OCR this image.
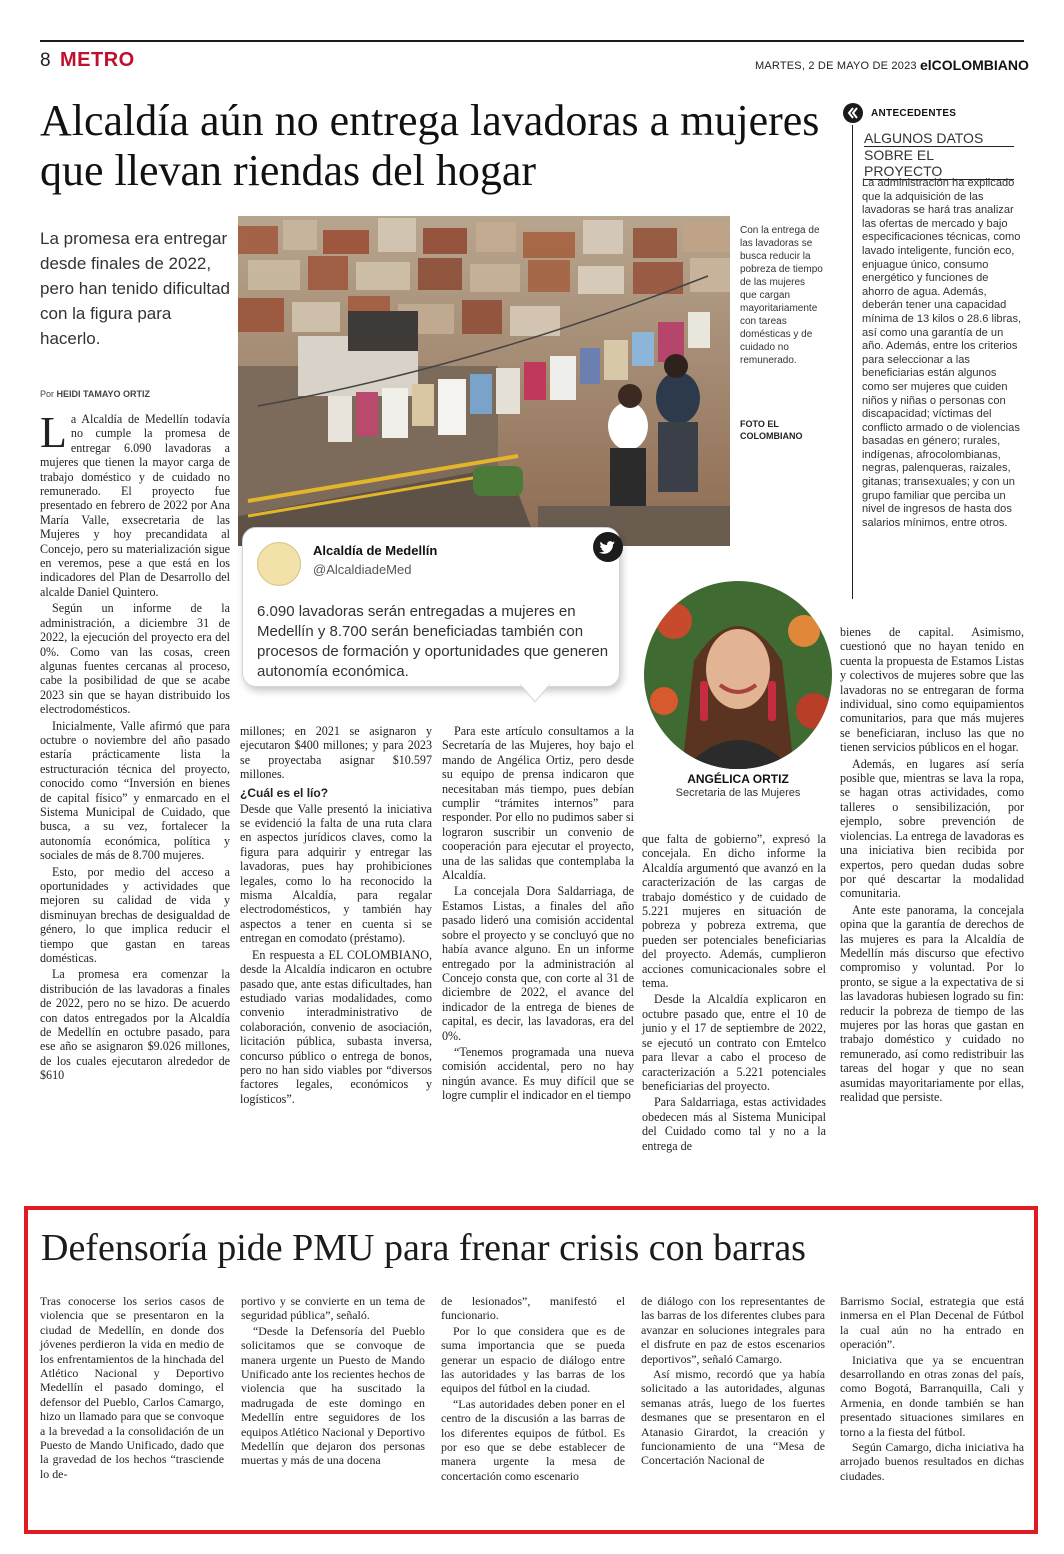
8 METRO	MARTES, 2 DE MAYO DE 2023 elCOLOMBIANO
Alcaldía aún no entrega lavadoras a mujeres que llevan riendas del hogar
La promesa era entregar desde finales de 2022, pero han tenido dificultad con la figura para hacerlo.
Por HEIDI TAMAYO ORTIZ

La Alcaldía de Medellín todavía no cumple la promesa de entregar 6.090 lavadoras a mujeres que tienen la mayor carga de trabajo doméstico y de cuidado no remunerado. El proyecto fue presentado en febrero de 2022 por Ana María Valle, exsecretaria de las Mujeres y hoy precandidata al Concejo, pero su materialización sigue en veremos, pese a que está en los indicadores del Plan de Desarrollo del alcalde Daniel Quintero.

Según un informe de la administración, a diciembre 31 de 2022, la ejecución del proyecto era del 0%. Como van las cosas, creen algunas fuentes cercanas al proceso, cabe la posibilidad de que se acabe 2023 sin que se hayan distribuido los electrodomésticos.

Inicialmente, Valle afirmó que para octubre o noviembre del año pasado estaría prácticamente lista la estructuración técnica del proyecto, conocido como “Inversión en bienes de capital físico” y enmarcado en el Sistema Municipal de Cuidado, que busca, a su vez, fortalecer la autonomía económica, política y sociales de más de 8.700 mujeres.

Esto, por medio del acceso a oportunidades y actividades que mejoren su calidad de vida y disminuyan brechas de desigualdad de género, lo que implica reducir el tiempo que gastan en tareas domésticas.

La promesa era comenzar la distribución de las lavadoras a finales de 2022, pero no se hizo. De acuerdo con datos entregados por la Alcaldía de Medellín en octubre pasado, para ese año se asignaron $9.026 millones, de los cuales ejecutaron alrededor de $610

Con la entrega de las lavadoras se busca reducir la pobreza de tiempo de las mujeres que cargan mayoritariamente con tareas domésticas y de cuidado no remunerado.
FOTO EL COLOMBIANO
Alcaldía de Medellín
@AlcaldiadeMed
6.090 lavadoras serán entregadas a mujeres en Medellín y 8.700 serán beneficiadas también con procesos de formación y oportunidades que generen autonomía económica.
ANGÉLICA ORTIZ
Secretaria de las Mujeres

millones; en 2021 se asignaron y ejecutaron $400 millones; y para 2023 se proyectaba asignar $10.597 millones.

¿Cuál es el lío?

Desde que Valle presentó la iniciativa se evidenció la falta de una ruta clara en aspectos jurídicos claves, como la figura para adquirir y entregar las lavadoras, pues hay prohibiciones legales, como lo ha reconocido la misma Alcaldía, para regalar electrodomésticos, y también hay aspectos a tener en cuenta si se entregan en comodato (préstamo).

En respuesta a EL COLOMBIANO, desde la Alcaldía indicaron en octubre pasado que, ante estas dificultades, han estudiado varias modalidades, como convenio interadministrativo de colaboración, convenio de asociación, licitación pública, subasta inversa, concurso público o entrega de bonos, pero no han sido viables por “diversos factores legales, económicos y logísticos”.

Para este artículo consultamos a la Secretaría de las Mujeres, hoy bajo el mando de Angélica Ortiz, pero desde su equipo de prensa indicaron que necesitaban más tiempo, pues debían cumplir “trámites internos” para responder. Por ello no pudimos saber si lograron suscribir un convenio de cooperación para ejecutar el proyecto, una de las salidas que contemplaba la Alcaldía.

La concejala Dora Saldarriaga, de Estamos Listas, a finales del año pasado lideró una comisión accidental sobre el proyecto y se concluyó que no había avance alguno. En un informe entregado por la administración al Concejo consta que, con corte al 31 de diciembre de 2022, el avance del indicador de la entrega de bienes de capital, es decir, las lavadoras, era del 0%.

“Tenemos programada una nueva comisión accidental, pero no hay ningún avance. Es muy difícil que se logre cumplir el indicador en el tiempo

que falta de gobierno”, expresó la concejala. En dicho informe la Alcaldía argumentó que avanzó en la caracterización de las cargas de trabajo doméstico y de cuidado de 5.221 mujeres en situación de pobreza y pobreza extrema, que pueden ser potenciales beneficiarias del proyecto. Además, cumplieron acciones comunicacionales sobre el tema.

Desde la Alcaldía explicaron en octubre pasado que, entre el 10 de junio y el 17 de septiembre de 2022, se ejecutó un contrato con Emtelco para llevar a cabo el proceso de caracterización a 5.221 potenciales beneficiarias del proyecto.

Para Saldarriaga, estas actividades obedecen más al Sistema Municipal del Cuidado como tal y no a la entrega de

bienes de capital. Asimismo, cuestionó que no hayan tenido en cuenta la propuesta de Estamos Listas y colectivos de mujeres sobre que las lavadoras no se entregaran de forma individual, sino como equipamientos comunitarios, para que más mujeres se beneficiaran, incluso las que no tienen servicios públicos en el hogar.

Además, en lugares así sería posible que, mientras se lava la ropa, se hagan otras actividades, como talleres o sensibilización, por ejemplo, sobre prevención de violencias. La entrega de lavadoras es una iniciativa bien recibida por expertos, pero quedan dudas sobre por qué descartar la modalidad comunitaria.

Ante este panorama, la concejala opina que la garantía de derechos de las mujeres es para la Alcaldía de Medellín más discurso que efectivo compromiso y voluntad. Por lo pronto, se sigue a la expectativa de si las lavadoras hubiesen logrado su fin: reducir la pobreza de tiempo de las mujeres por las horas que gastan en trabajo doméstico y cuidado no remunerado, así como redistribuir las tareas del hogar y que no sean asumidas mayoritariamente por ellas, realidad que persiste.

ANTECEDENTES
ALGUNOS DATOS
SOBRE EL PROYECTO
La administración ha explicado que la adquisición de las lavadoras se hará tras analizar las ofertas de mercado y bajo especificaciones técnicas, como lavado inteligente, función eco, enjuague único, consumo energético y funciones de ahorro de agua. Además, deberán tener una capacidad mínima de 13 kilos o 28.6 libras, así como una garantía de un año. Además, entre los criterios para seleccionar a las beneficiarias están algunos como ser mujeres que cuiden niños y niñas o personas con discapacidad; víctimas del conflicto armado o de violencias basadas en género; rurales, indígenas, afrocolombianas, negras, palenqueras, raizales, gitanas; transexuales; y con un grupo familiar que perciba un nivel de ingresos de hasta dos salarios mínimos, entre otros.
Defensoría pide PMU para frenar crisis con barras

Tras conocerse los serios casos de violencia que se presentaron en la ciudad de Medellín, en donde dos jóvenes perdieron la vida en medio de los enfrentamientos de la hinchada del Atlético Nacional y Deportivo Medellín el pasado domingo, el defensor del Pueblo, Carlos Camargo, hizo un llamado para que se convoque a la brevedad a la consolidación de un Puesto de Mando Unificado, dado que la gravedad de los hechos “trasciende lo de-

portivo y se convierte en un tema de seguridad pública”, señaló.

“Desde la Defensoría del Pueblo solicitamos que se convoque de manera urgente un Puesto de Mando Unificado ante los recientes hechos de violencia que ha suscitado la madrugada de este domingo en Medellín entre seguidores de los equipos Atlético Nacional y Deportivo Medellín que dejaron dos personas muertas y más de una docena

de lesionados”, manifestó el funcionario.

Por lo que considera que es de suma importancia que se pueda generar un espacio de diálogo entre las autoridades y las barras de los equipos del fútbol en la ciudad.

“Las autoridades deben poner en el centro de la discusión a las barras de los diferentes equipos de fútbol. Es por eso que se debe establecer de manera urgente la mesa de concertación como escenario

de diálogo con los representantes de las barras de los diferentes clubes para avanzar en soluciones integrales para el disfrute en paz de estos escenarios deportivos”, señaló Camargo.

Así mismo, recordó que ya había solicitado a las autoridades, algunas semanas atrás, luego de los fuertes desmanes que se presentaron en el Atanasio Girardot, la creación y funcionamiento de una “Mesa de Concertación Nacional de

Barrismo Social, estrategia que está inmersa en el Plan Decenal de Fútbol la cual aún no ha entrado en operación”.

Iniciativa que ya se encuentran desarrollando en otras zonas del país, como Bogotá, Barranquilla, Cali y Armenia, en donde también se han presentado situaciones similares en torno a la fiesta del fútbol.

Según Camargo, dicha iniciativa ha arrojado buenos resultados en dichas ciudades.
